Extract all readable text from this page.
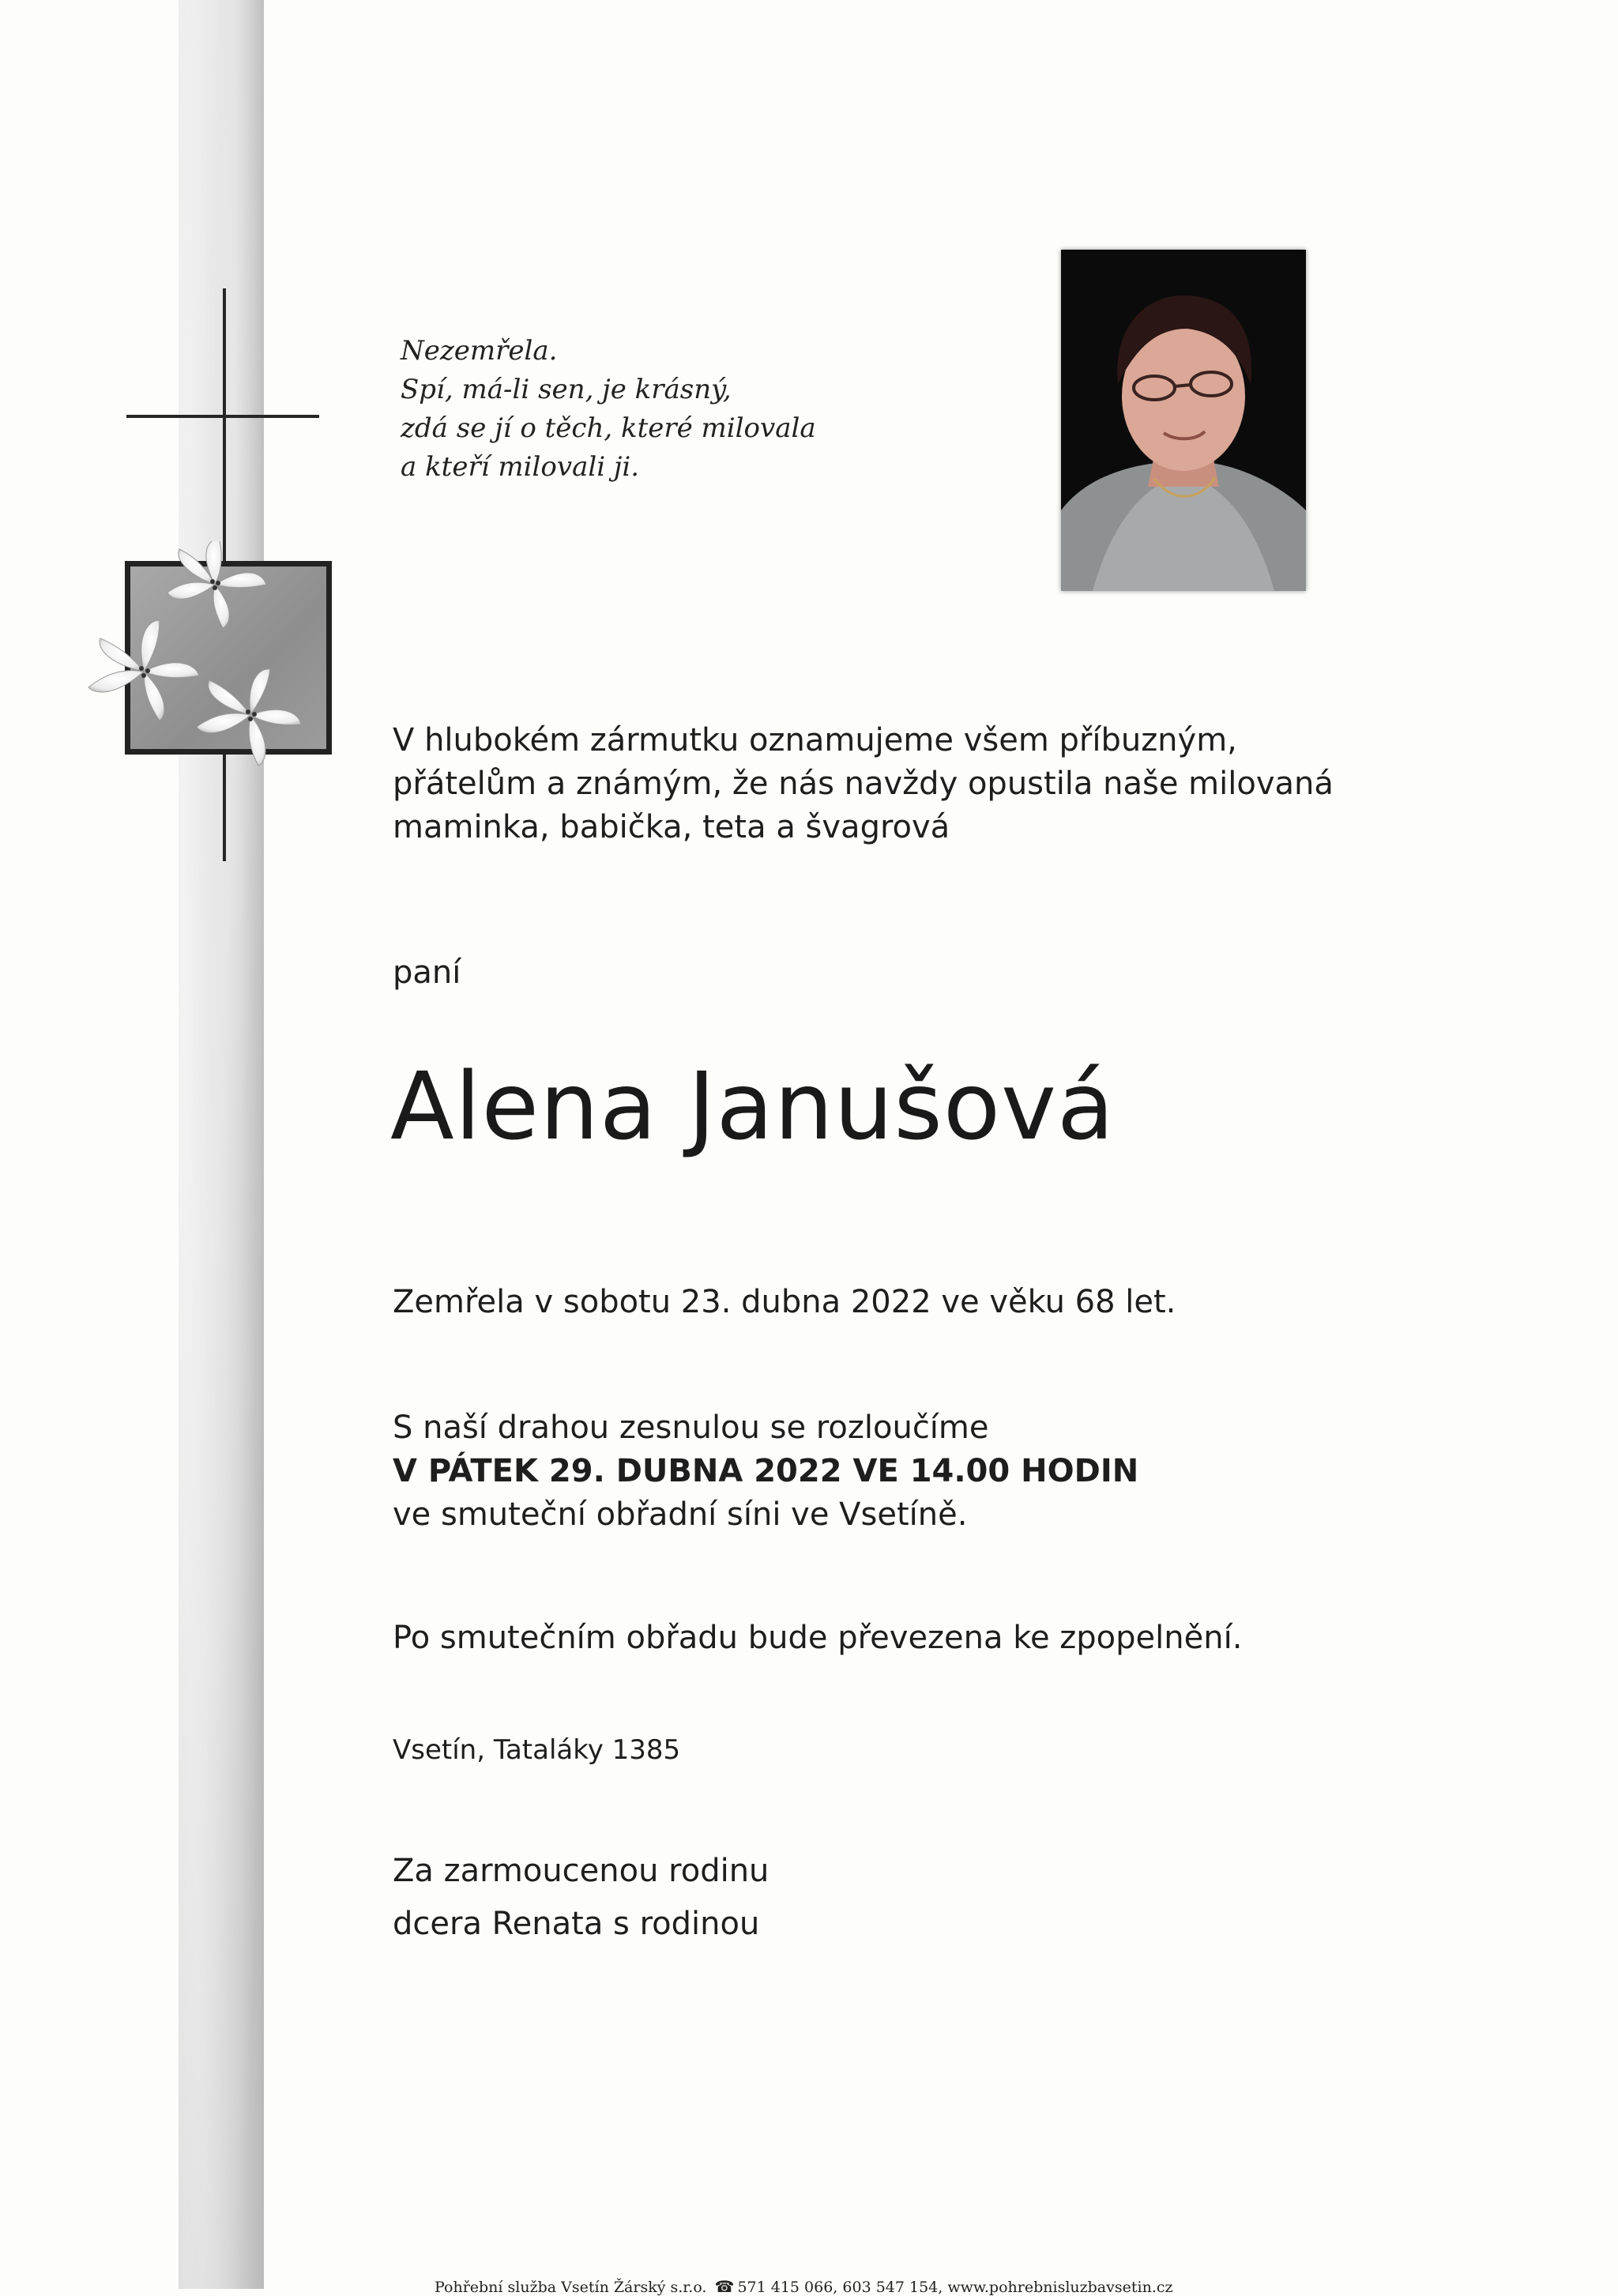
Nezemřela.
Spí, má-li sen, je krásný,
zdá se jí o těch, které milovala
a kteří milovali ji.
V hlubokém zármutku oznamujeme všem příbuzným,
přátelům a známým, že nás navždy opustila naše milovaná
maminka, babička, teta a švagrová
paní
Alena Janušová
Zemřela v sobotu 23. dubna 2022 ve věku 68 let.
S naší drahou zesnulou se rozloučíme
V PÁTEK 29. DUBNA 2022 VE 14.00 HODIN
ve smuteční obřadní síni ve Vsetíně.
Po smutečním obřadu bude převezena ke zpopelnění.
Vsetín, Tataláky 1385
Za zarmoucenou rodinu
dcera Renata s rodinou
Pohřební služba Vsetín Žárský s.r.o. ☎ 571 415 066, 603 547 154, www.pohrebnisluzbavsetin.cz
